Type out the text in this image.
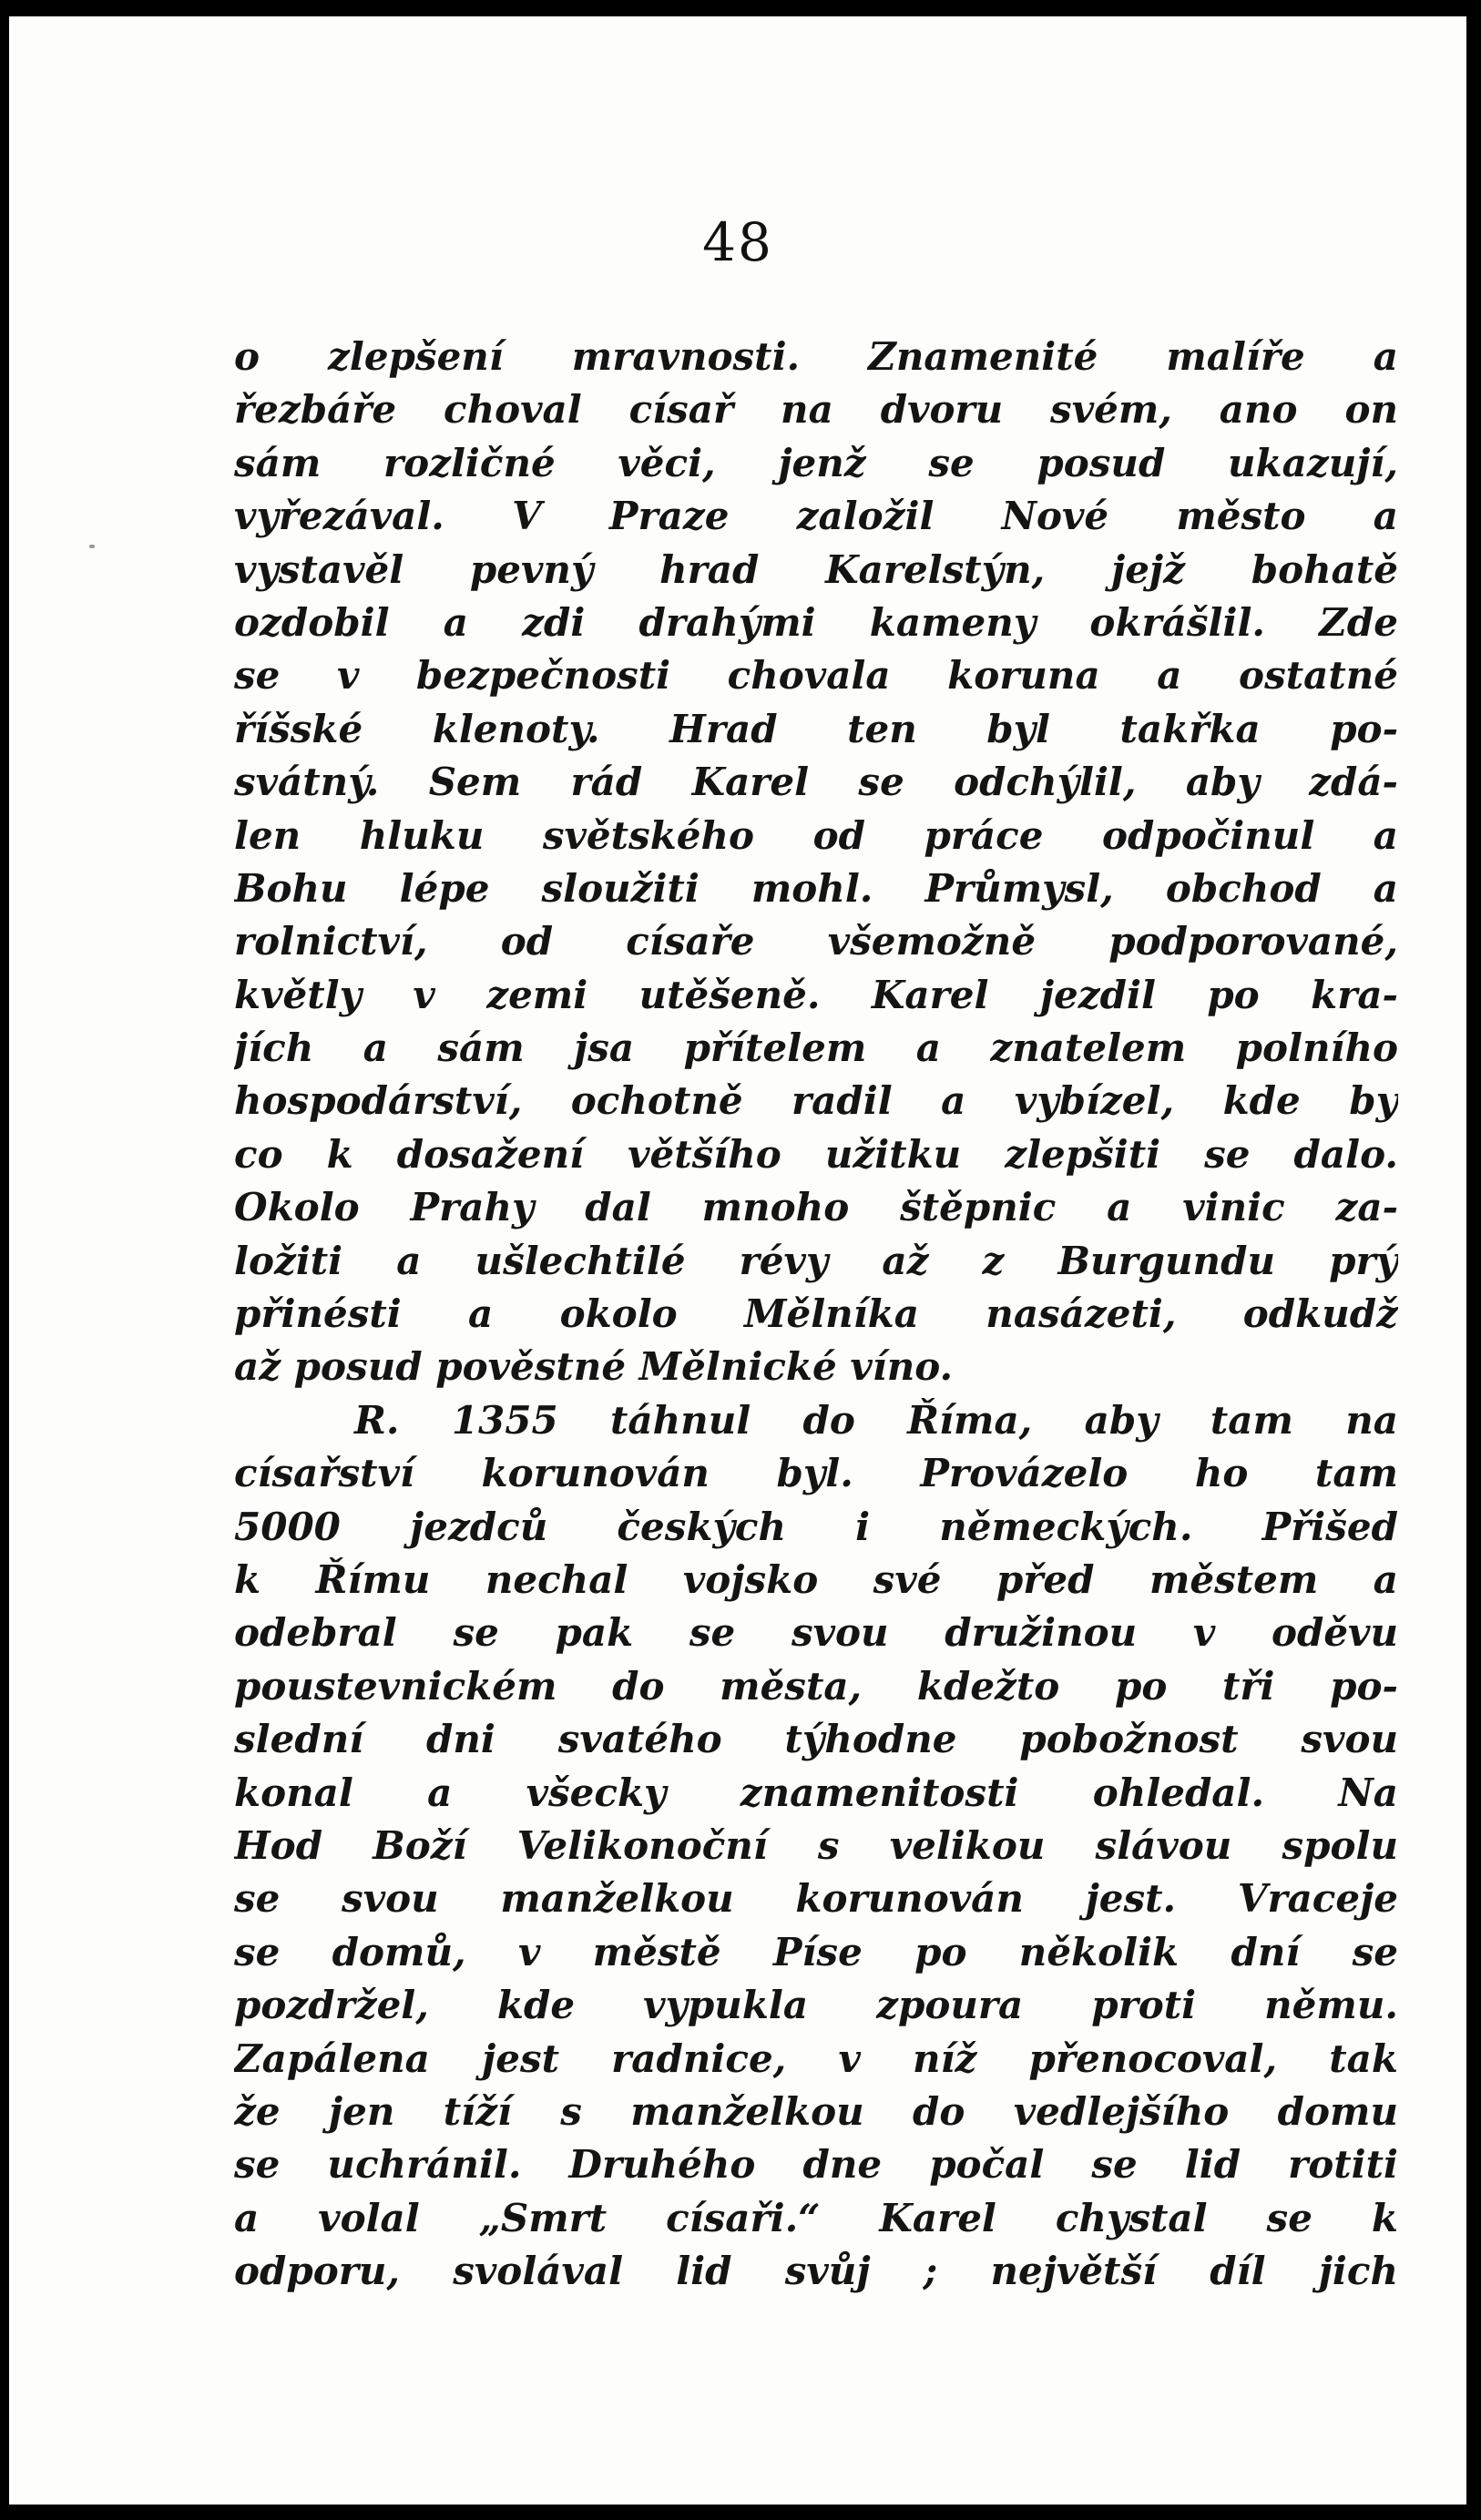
48
o zlepšení mravnosti. Znamenité malíře a
řezbáře choval císař na dvoru svém, ano on
sám rozličné věci, jenž se posud ukazují,
vyřezával. V Praze založil Nové město a
vystavěl pevný hrad Karelstýn, jejž bohatě
ozdobil a zdi drahými kameny okrášlil. Zde
se v bezpečnosti chovala koruna a ostatné
říšské klenoty. Hrad ten byl takřka po-
svátný. Sem rád Karel se odchýlil, aby zdá-
len hluku světského od práce odpočinul a
Bohu lépe sloužiti mohl. Průmysl, obchod a
rolnictví, od císaře všemožně podporované,
květly v zemi utěšeně. Karel jezdil po kra-
jích a sám jsa přítelem a znatelem polního
hospodárství, ochotně radil a vybízel, kde by
co k dosažení většího užitku zlepšiti se dalo.
Okolo Prahy dal mnoho štěpnic a vinic za-
ložiti a ušlechtilé révy až z Burgundu prý
přinésti a okolo Mělníka nasázeti, odkudž
až posud pověstné Mělnické víno.
R. 1355 táhnul do Říma, aby tam na
císařství korunován byl. Provázelo ho tam
5000 jezdců českých i německých. Přišed
k Římu nechal vojsko své před městem a
odebral se pak se svou družinou v oděvu
poustevnickém do města, kdežto po tři po-
slední dni svatého týhodne pobožnost svou
konal a všecky znamenitosti ohledal. Na
Hod Boží Velikonoční s velikou slávou spolu
se svou manželkou korunován jest. Vraceje
se domů, v městě Písе po několik dní se
pozdržel, kde vypukla zpoura proti němu.
Zapálena jest radnice, v níž přenocoval, tak
že jen tíží s manželkou do vedlejšího domu
se uchránil. Druhého dne počal se lid rotiti
a volal „Smrt císaři.“ Karel chystal se k
odporu, svolával lid svůj ; největší díl jich
